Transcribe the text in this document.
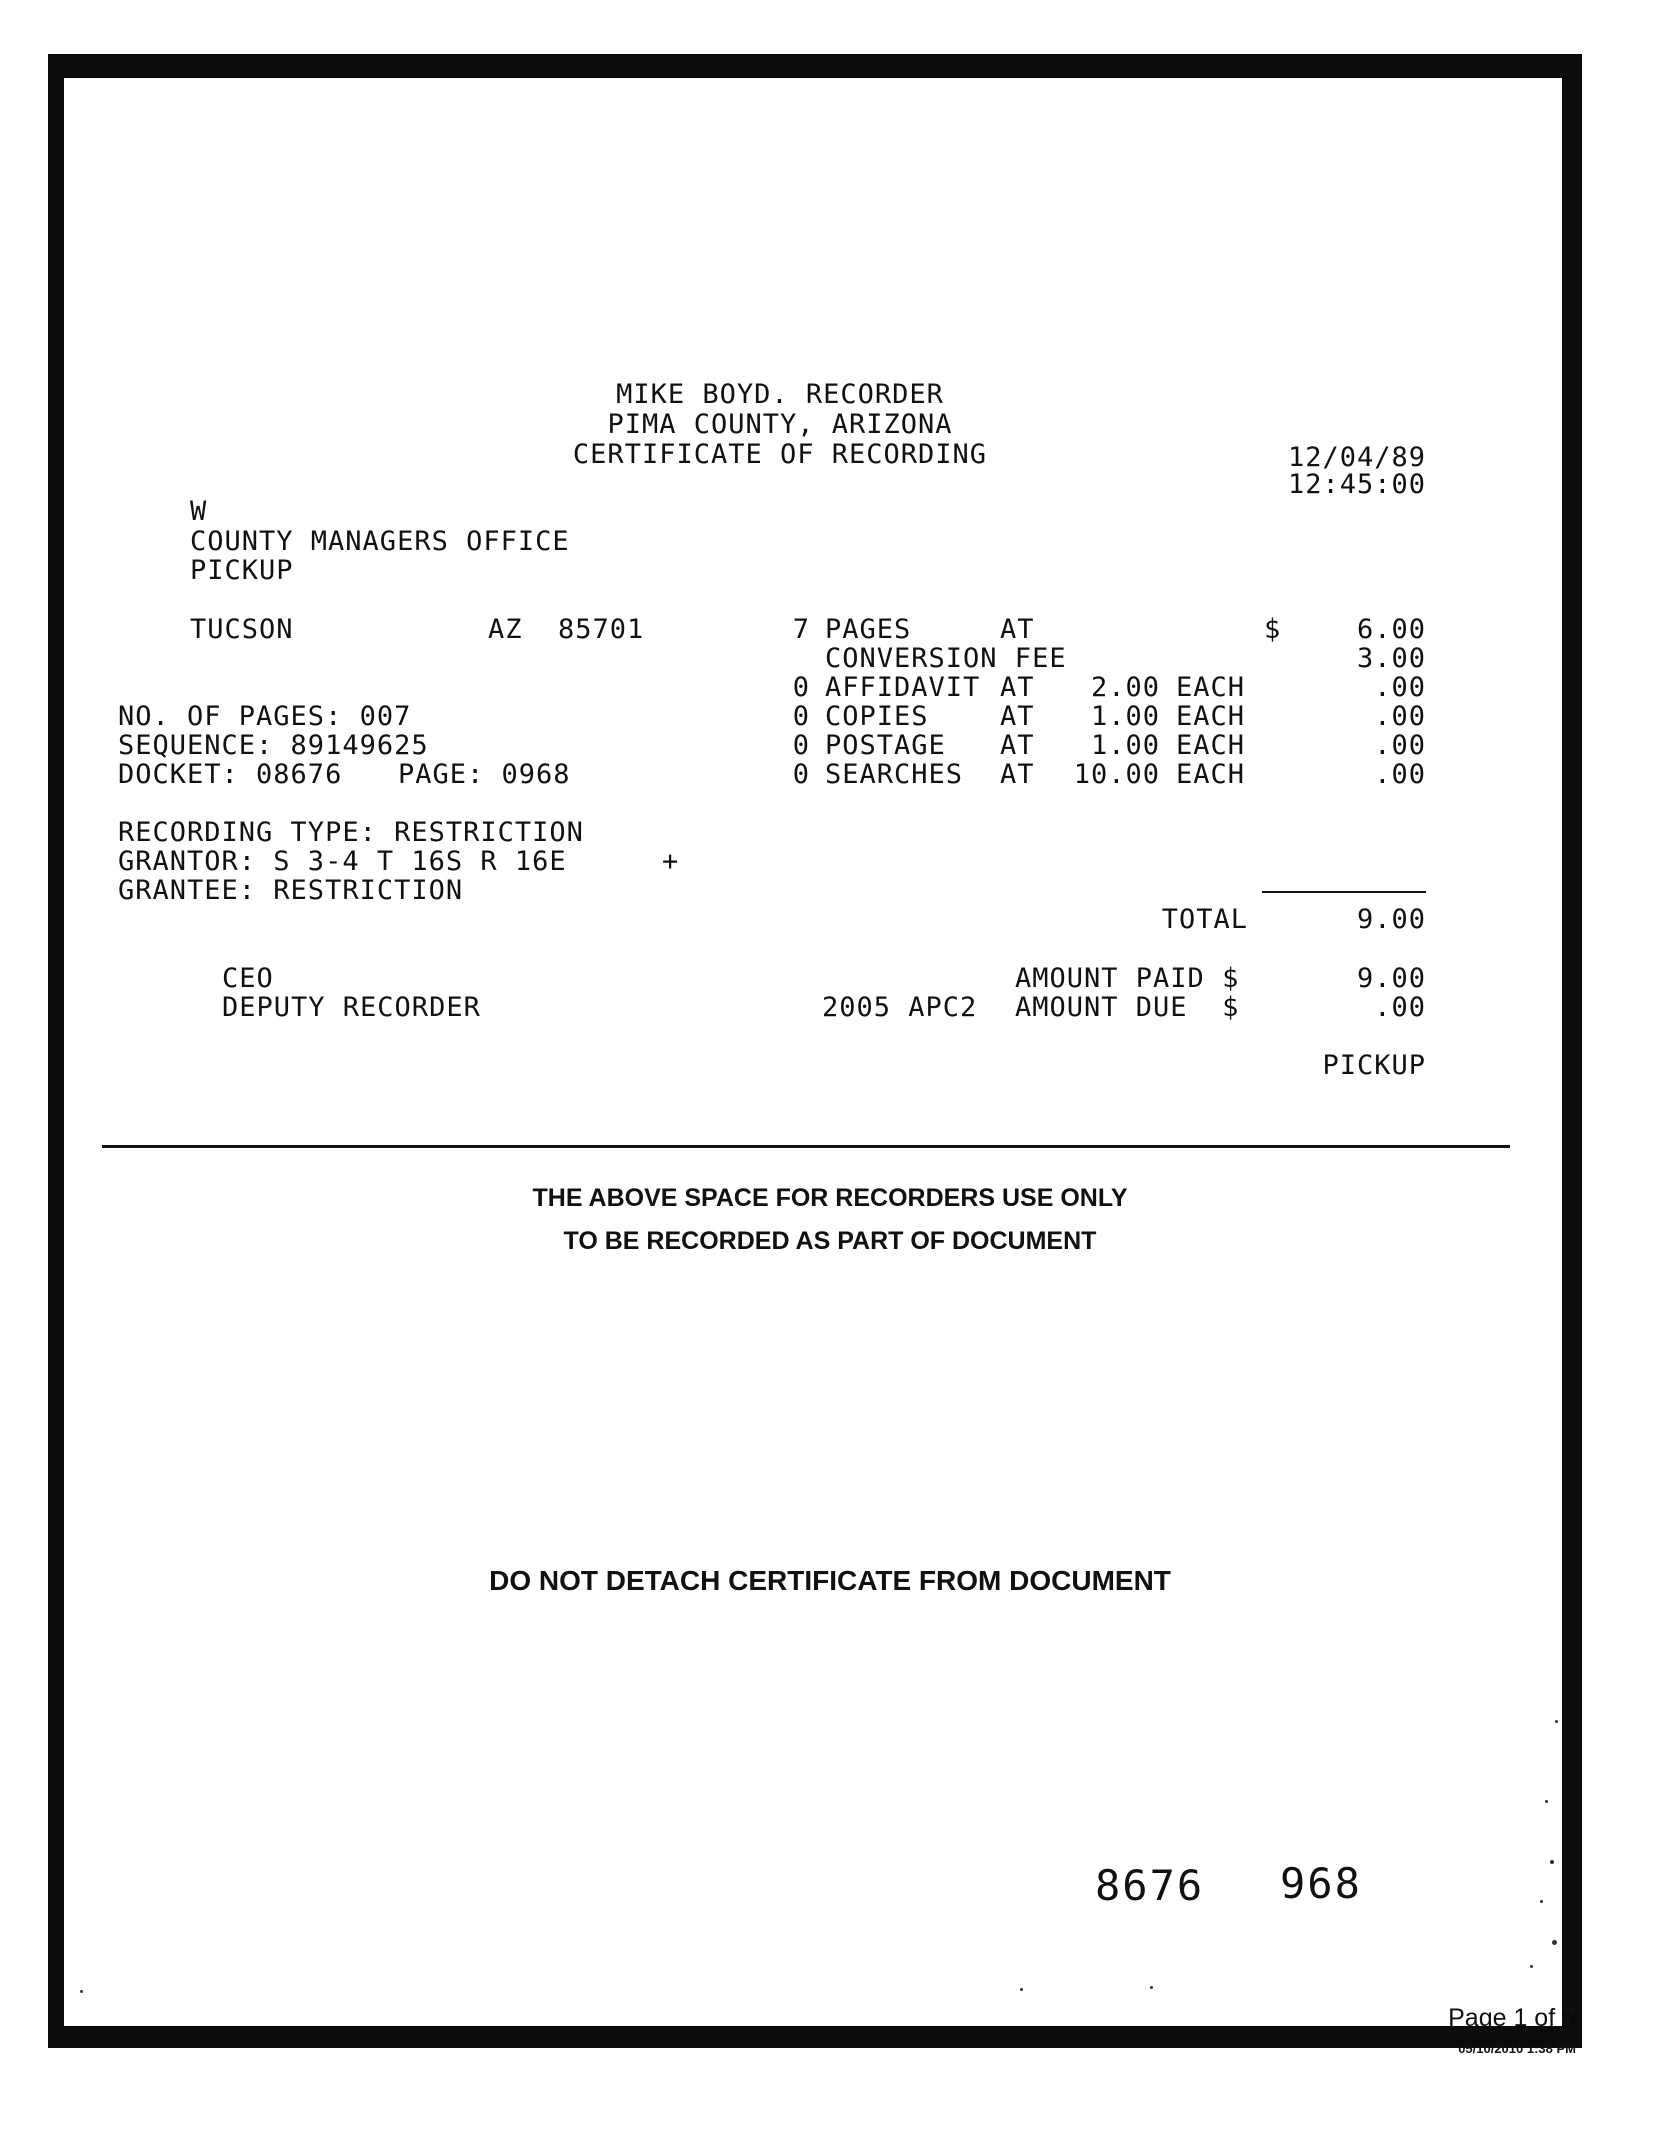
MIKE BOYD. RECORDER
PIMA COUNTY, ARIZONA
CERTIFICATE OF RECORDING	12/04/89
12:45:00
W
COUNTY MANAGERS OFFICE
PICKUP
TUCSON	AZ 85701
NO. OF PAGES: 007
SEQUENCE: 89149625
DOCKET: 08676 PAGE: 0968
RECORDING TYPE: RESTRICTION
GRANTOR: S 3-4 T 16S R 16E	+
GRANTEE: RESTRICTION
7 PAGES	AT	$	6.00
CONVERSION FEE	3.00
0 AFFIDAVIT AT	2.00 EACH	.00
0 COPIES	AT	1.00 EACH	.00
0 POSTAGE AT	1.00 EACH	.00
0 SEARCHES AT	10.00 EACH	.00
TOTAL	9.00
CEO
DEPUTY RECORDER	2005 APC2
AMOUNT PAID $	9.00
AMOUNT DUE  $	.00
PICKUP
THE ABOVE SPACE FOR RECORDERS USE ONLY
TO BE RECORDED AS PART OF DOCUMENT
DO NOT DETACH CERTIFICATE FROM DOCUMENT
8676 968
Page 1 of 7
05/10/2010 1:38 PM
